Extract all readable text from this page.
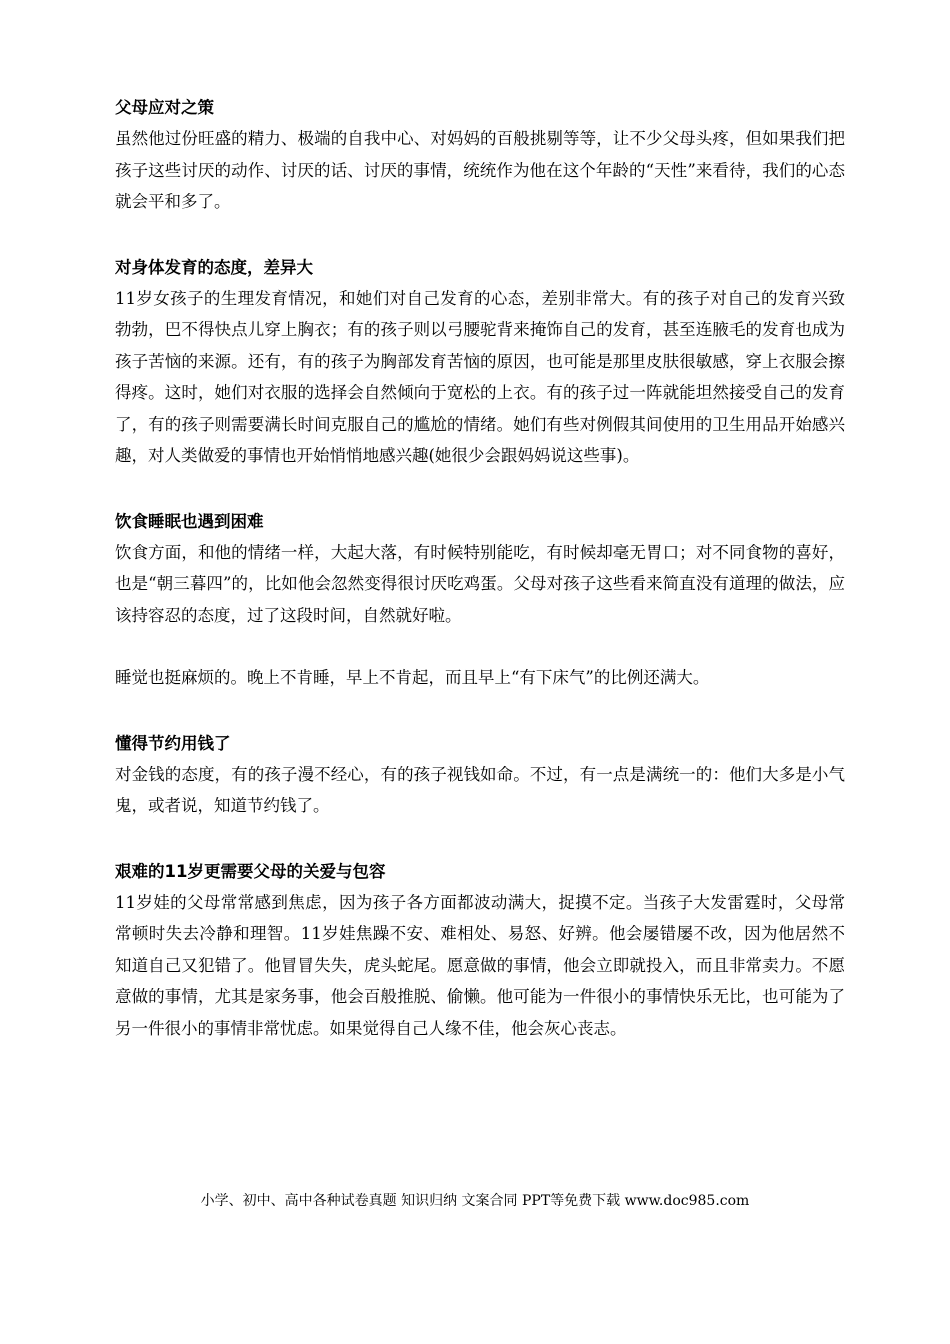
父母应对之策

虽然他过份旺盛的精力、极端的自我中心、对妈妈的百般挑剔等等，让不少父母头疼，但如果我们把孩子这些讨厌的动作、讨厌的话、讨厌的事情，统统作为他在这个年龄的“天性”来看待，我们的心态就会平和多了。

对身体发育的态度，差异大

11岁女孩子的生理发育情况，和她们对自己发育的心态，差别非常大。有的孩子对自己的发育兴致勃勃，巴不得快点儿穿上胸衣；有的孩子则以弓腰驼背来掩饰自己的发育，甚至连腋毛的发育也成为孩子苦恼的来源。还有，有的孩子为胸部发育苦恼的原因，也可能是那里皮肤很敏感，穿上衣服会擦得疼。这时，她们对衣服的选择会自然倾向于宽松的上衣。有的孩子过一阵就能坦然接受自己的发育了，有的孩子则需要满长时间克服自己的尴尬的情绪。她们有些对例假其间使用的卫生用品开始感兴趣，对人类做爱的事情也开始悄悄地感兴趣(她很少会跟妈妈说这些事)。

饮食睡眠也遇到困难

饮食方面，和他的情绪一样，大起大落，有时候特别能吃，有时候却毫无胃口；对不同食物的喜好，也是“朝三暮四”的，比如他会忽然变得很讨厌吃鸡蛋。父母对孩子这些看来简直没有道理的做法，应该持容忍的态度，过了这段时间，自然就好啦。

睡觉也挺麻烦的。晚上不肯睡，早上不肯起，而且早上“有下床气”的比例还满大。

懂得节约用钱了

对金钱的态度，有的孩子漫不经心，有的孩子视钱如命。不过，有一点是满统一的：他们大多是小气鬼，或者说，知道节约钱了。

艰难的11岁更需要父母的关爱与包容

11岁娃的父母常常感到焦虑，因为孩子各方面都波动满大，捉摸不定。当孩子大发雷霆时，父母常常顿时失去冷静和理智。11岁娃焦躁不安、难相处、易怒、好辨。他会屡错屡不改，因为他居然不知道自己又犯错了。他冒冒失失，虎头蛇尾。愿意做的事情，他会立即就投入，而且非常卖力。不愿意做的事情，尤其是家务事，他会百般推脱、偷懒。他可能为一件很小的事情快乐无比，也可能为了另一件很小的事情非常忧虑。如果觉得自己人缘不佳，他会灰心丧志。

小学、初中、高中各种试卷真题 知识归纳 文案合同 PPT等免费下载 www.doc985.com
